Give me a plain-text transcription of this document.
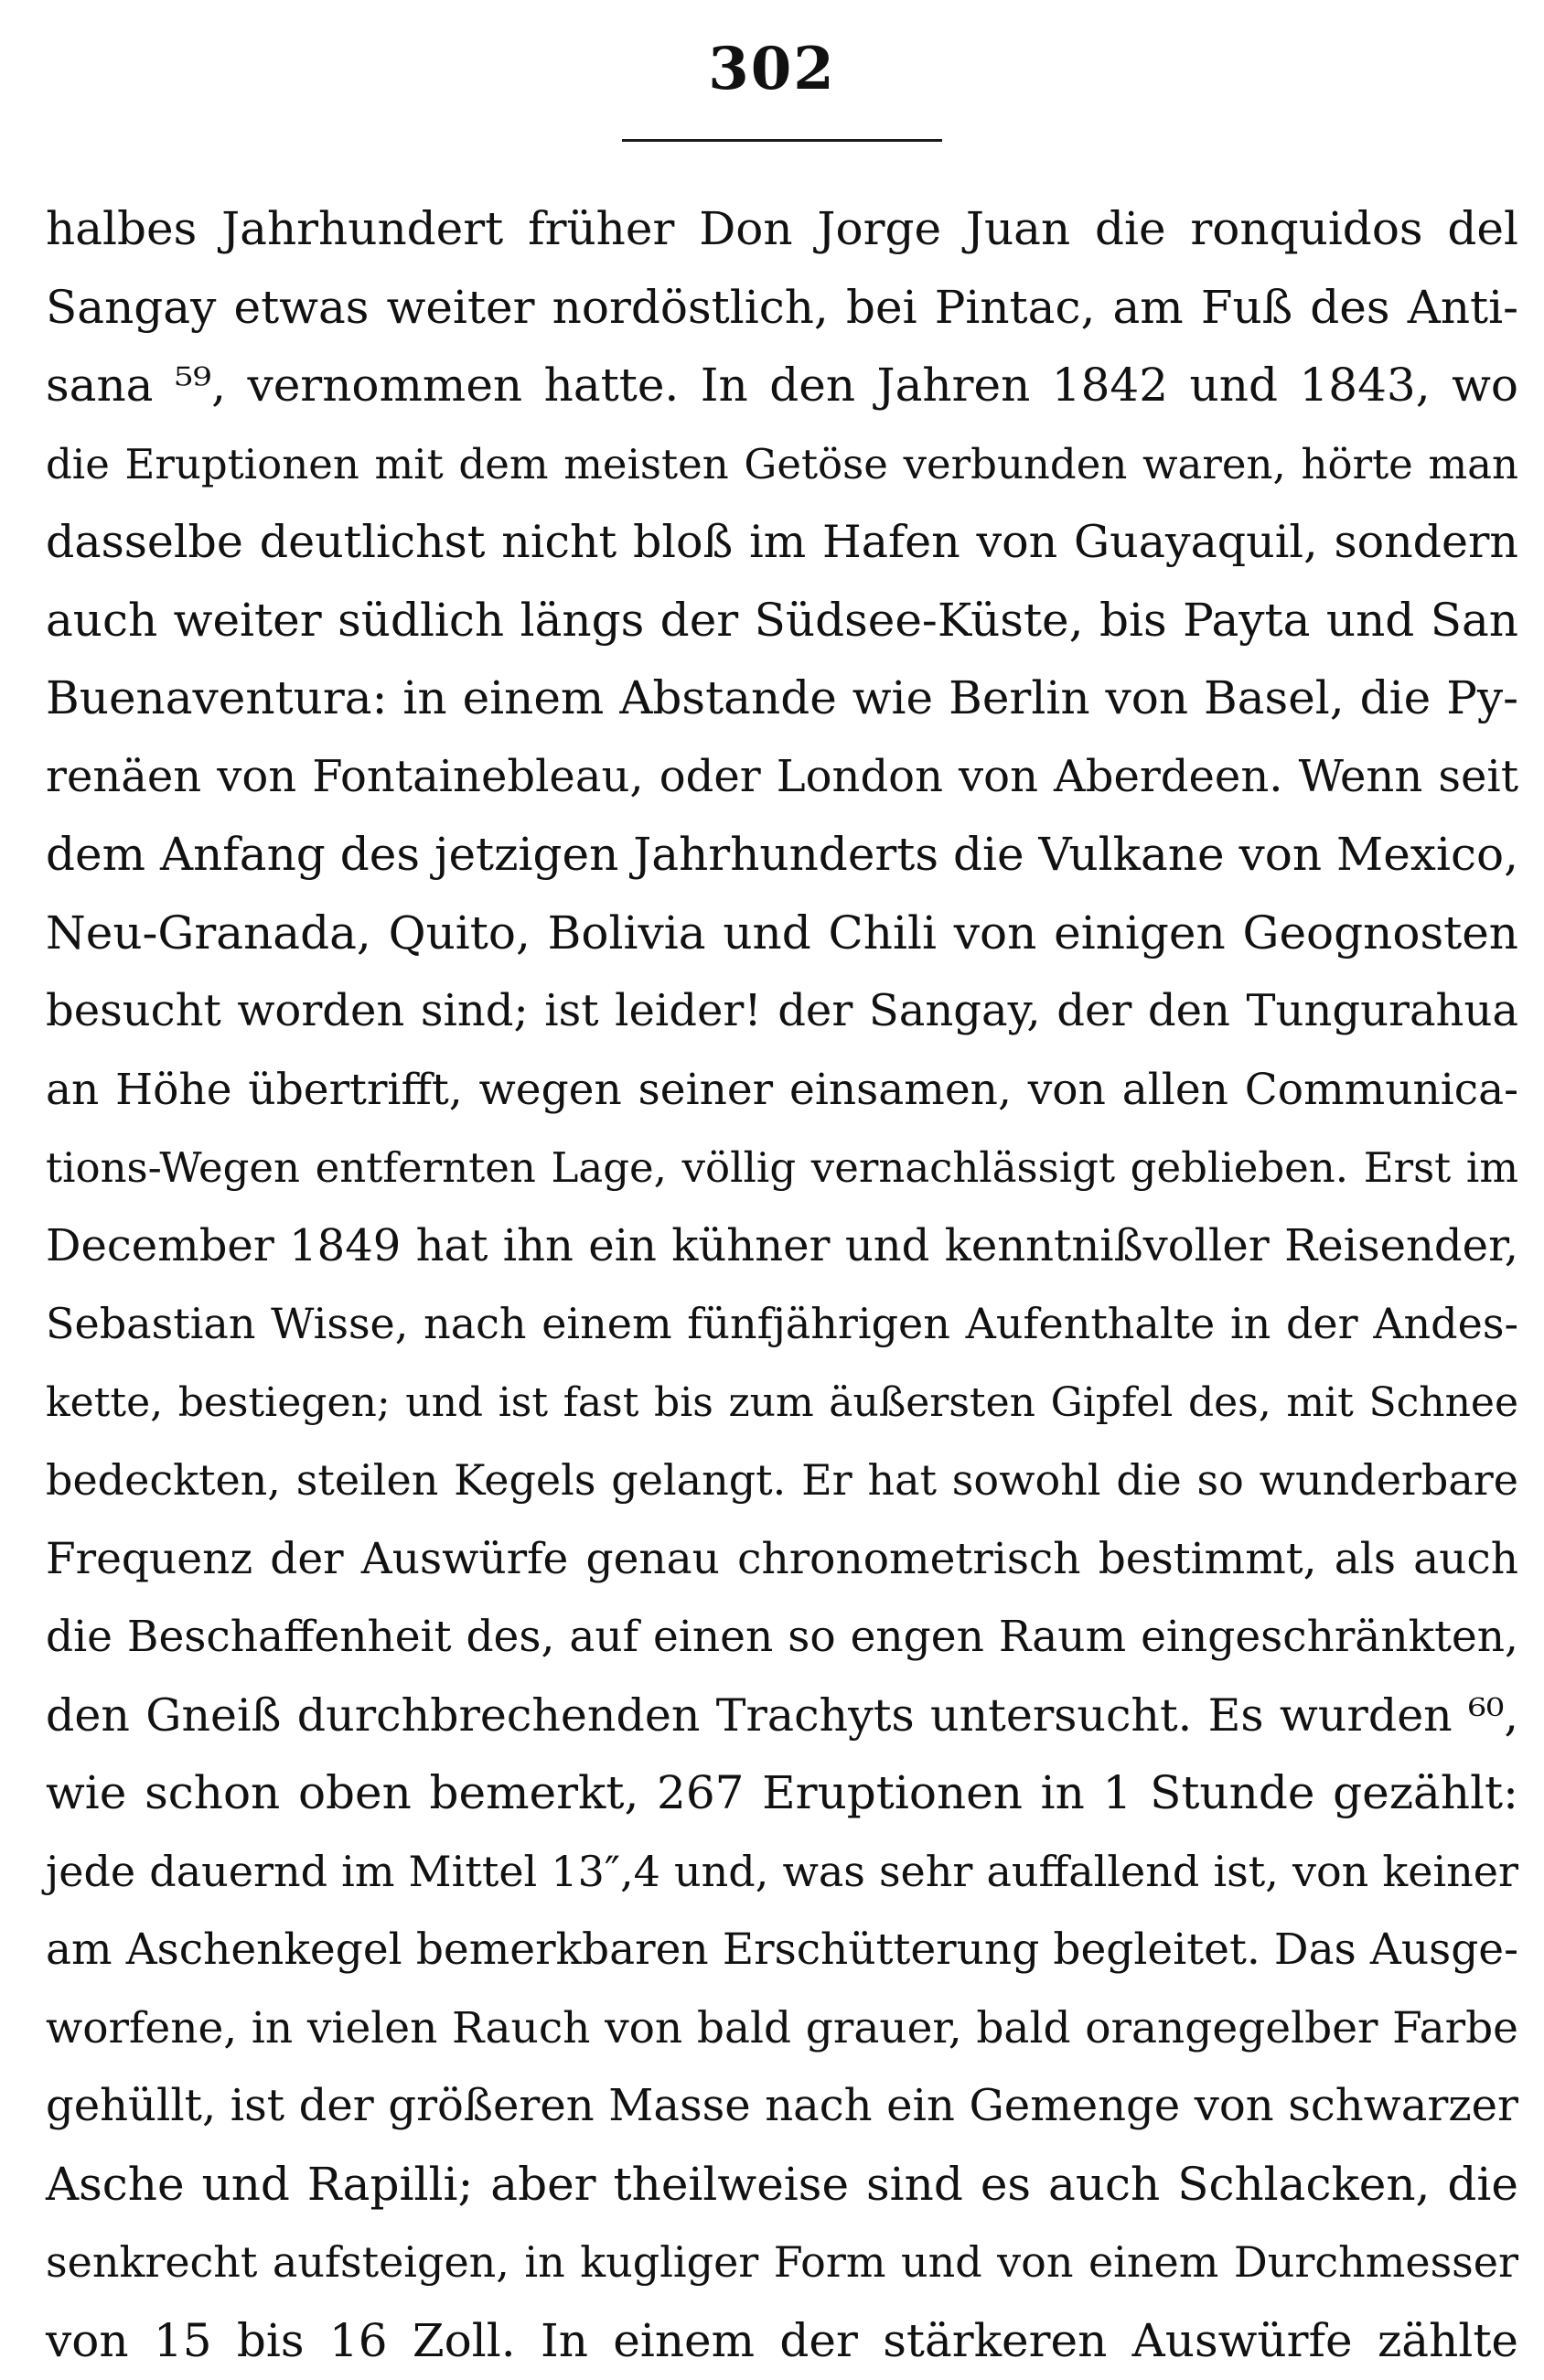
302
halbes Jahrhundert früher Don Jorge Juan die ronquidos del
Sangay etwas weiter nordöstlich, bei Pintac, am Fuß des Anti-
sana ⁵⁹, vernommen hatte. In den Jahren 1842 und 1843, wo
die Eruptionen mit dem meisten Getöse verbunden waren, hörte man
dasselbe deutlichst nicht bloß im Hafen von Guayaquil, sondern
auch weiter südlich längs der Südsee-Küste, bis Payta und San
Buenaventura: in einem Abstande wie Berlin von Basel, die Py-
renäen von Fontainebleau, oder London von Aberdeen. Wenn seit
dem Anfang des jetzigen Jahrhunderts die Vulkane von Mexico,
Neu-Granada, Quito, Bolivia und Chili von einigen Geognosten
besucht worden sind; ist leider! der Sangay, der den Tungurahua
an Höhe übertrifft, wegen seiner einsamen, von allen Communica-
tions-Wegen entfernten Lage, völlig vernachlässigt geblieben. Erst im
December 1849 hat ihn ein kühner und kenntnißvoller Reisender,
Sebastian Wisse, nach einem fünfjährigen Aufenthalte in der Andes-
kette, bestiegen; und ist fast bis zum äußersten Gipfel des, mit Schnee
bedeckten, steilen Kegels gelangt. Er hat sowohl die so wunderbare
Frequenz der Auswürfe genau chronometrisch bestimmt, als auch
die Beschaffenheit des, auf einen so engen Raum eingeschränkten,
den Gneiß durchbrechenden Trachyts untersucht. Es wurden ⁶⁰,
wie schon oben bemerkt, 267 Eruptionen in 1 Stunde gezählt:
jede dauernd im Mittel 13″,4 und, was sehr auffallend ist, von keiner
am Aschenkegel bemerkbaren Erschütterung begleitet. Das Ausge-
worfene, in vielen Rauch von bald grauer, bald orangegelber Farbe
gehüllt, ist der größeren Masse nach ein Gemenge von schwarzer
Asche und Rapilli; aber theilweise sind es auch Schlacken, die
senkrecht aufsteigen, in kugliger Form und von einem Durchmesser
von 15 bis 16 Zoll. In einem der stärkeren Auswürfe zählte
